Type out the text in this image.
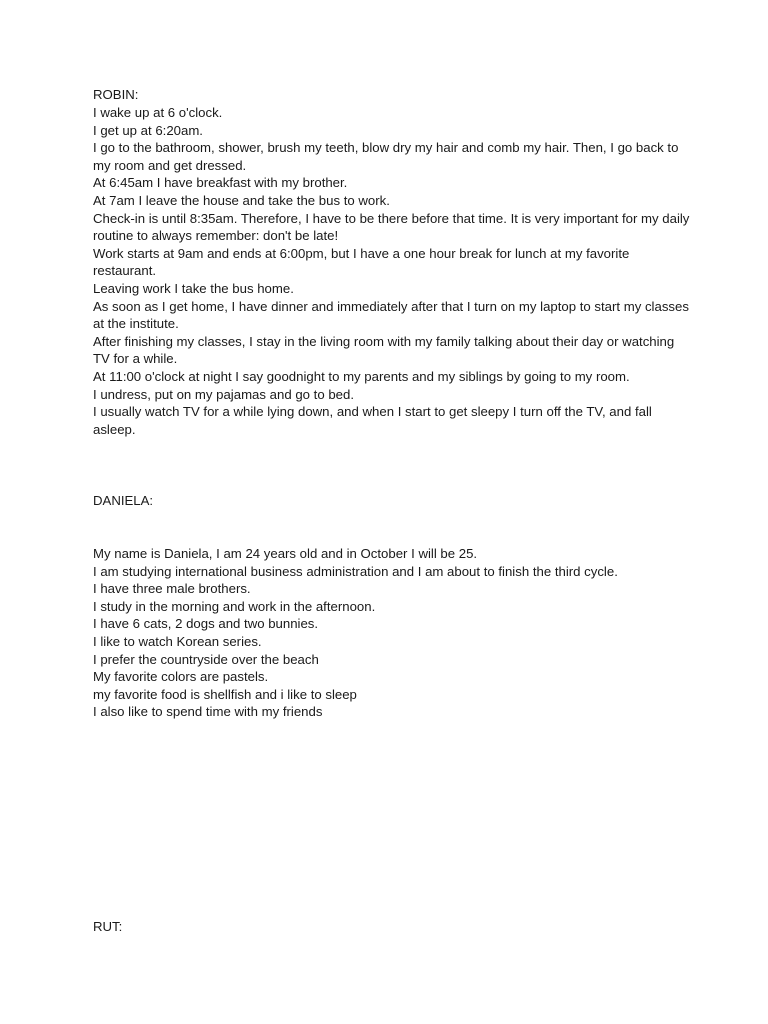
ROBIN:

I wake up at 6 o'clock.

I get up at 6:20am.

I go to the bathroom, shower, brush my teeth, blow dry my hair and comb my hair. Then, I go back to my room and get dressed.

At 6:45am I have breakfast with my brother.

At 7am I leave the house and take the bus to work.

Check-in is until 8:35am. Therefore, I have to be there before that time. It is very important for my daily routine to always remember: don't be late!

Work starts at 9am and ends at 6:00pm, but I have a one hour break for lunch at my favorite restaurant.

Leaving work I take the bus home.

As soon as I get home, I have dinner and immediately after that I turn on my laptop to start my classes at the institute.

After finishing my classes, I stay in the living room with my family talking about their day or watching TV for a while.

At 11:00 o'clock at night I say goodnight to my parents and my siblings by going to my room.

I undress, put on my pajamas and go to bed.

I usually watch TV for a while lying down, and when I start to get sleepy I turn off the TV, and fall asleep.

DANIELA:

My name is Daniela, I am 24 years old and in October I will be 25.

I am studying international business administration and I am about to finish the third cycle.

I have three male brothers.

I study in the morning and work in the afternoon.

I have 6 cats, 2 dogs and two bunnies.

I like to watch Korean series.

I prefer the countryside over the beach

My favorite colors are pastels.

my favorite food is shellfish and i like to sleep

I also like to spend time with my friends

RUT:
